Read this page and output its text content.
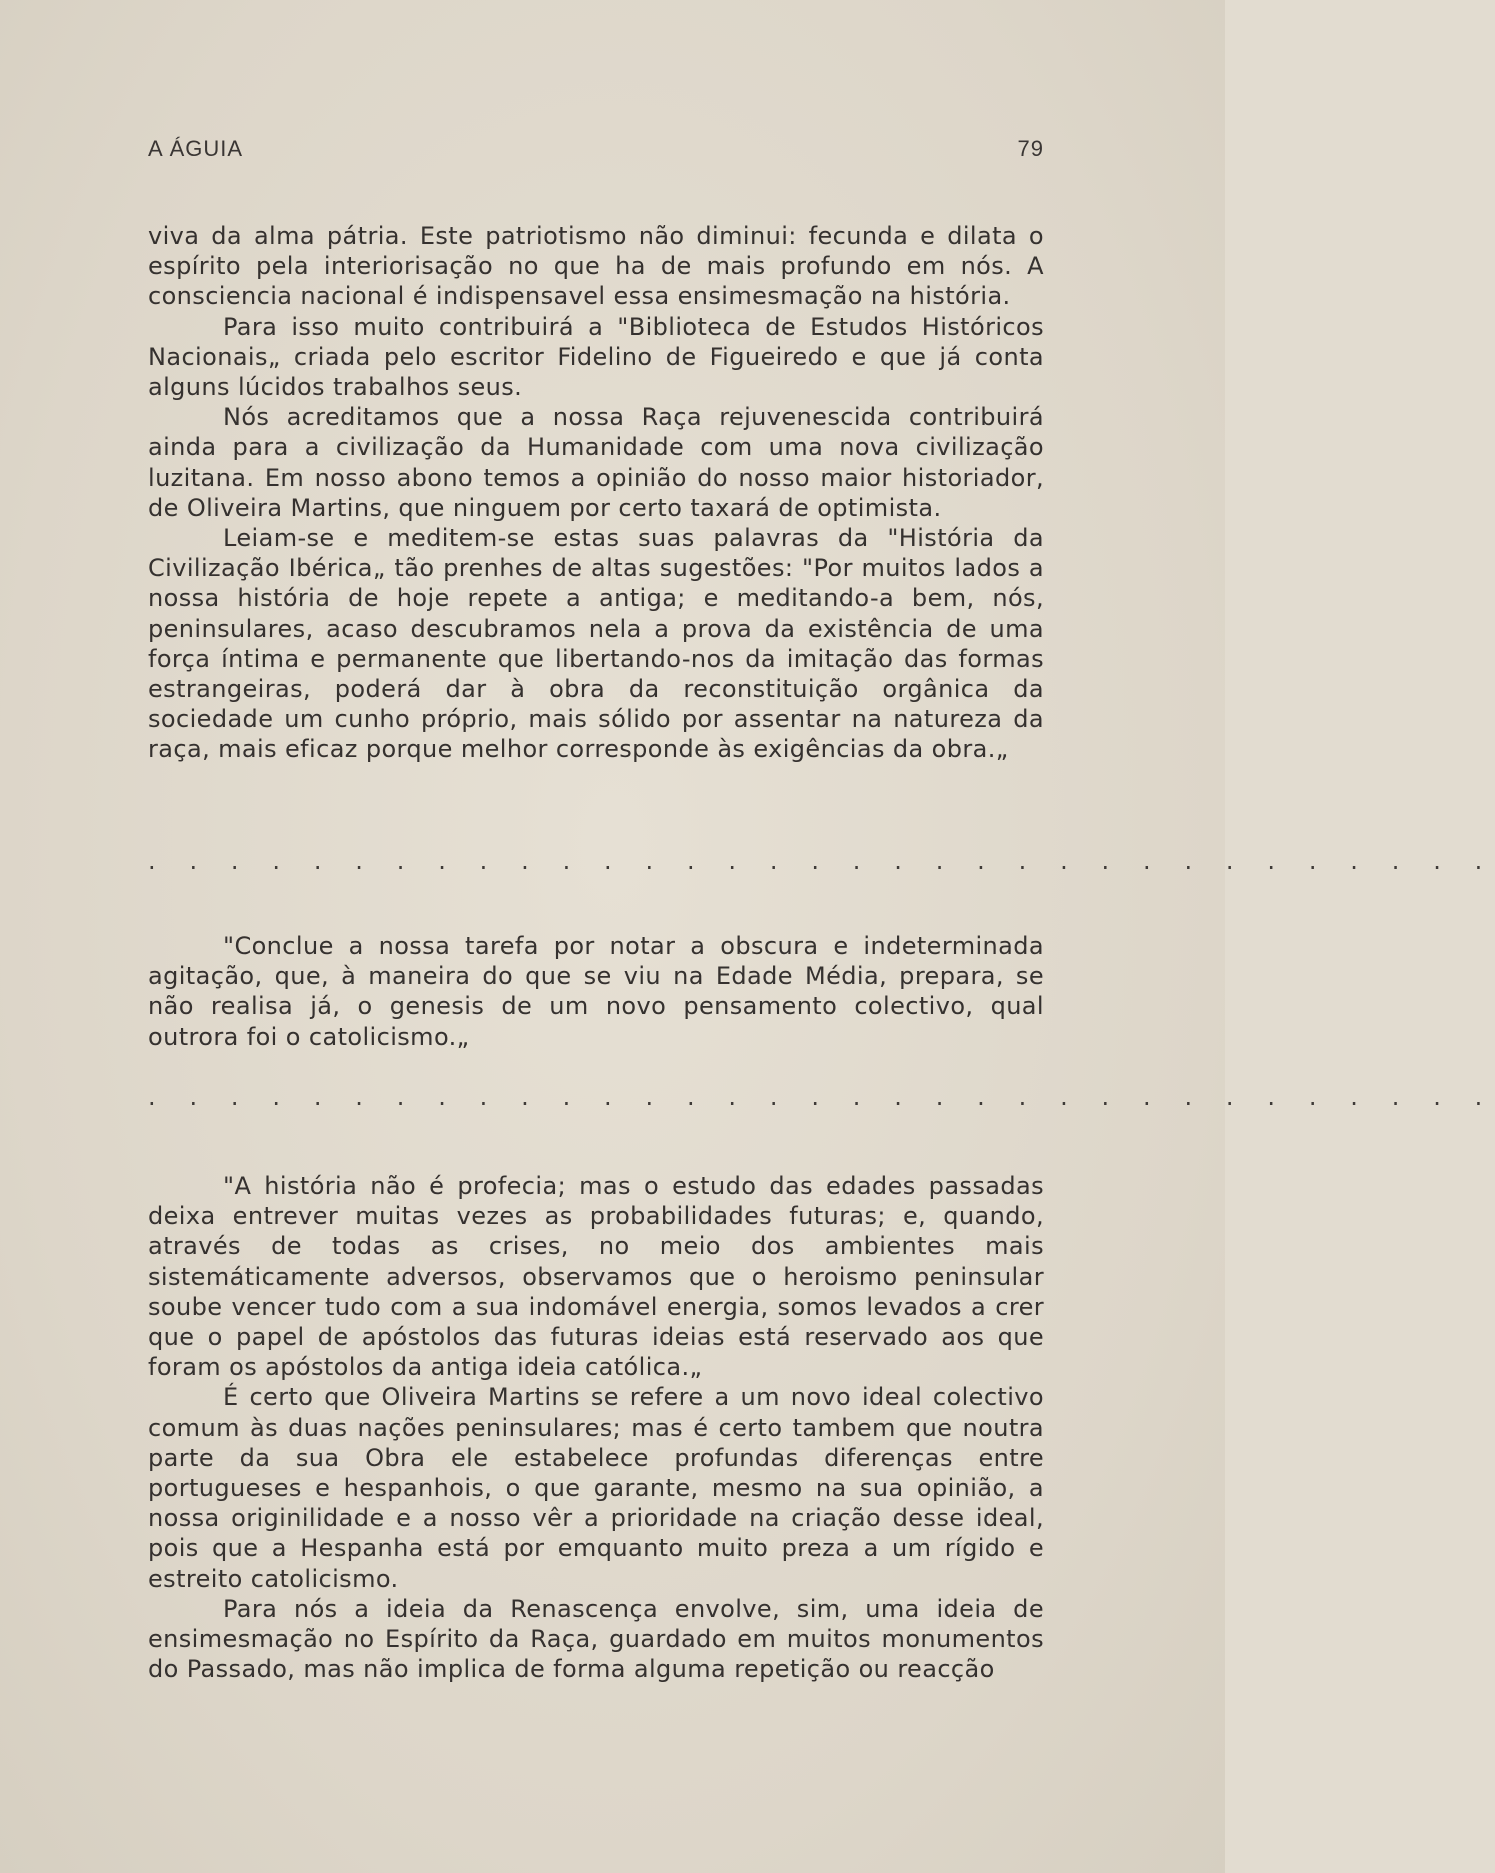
A ÁGUIA	79

viva da alma pátria. Este patriotismo não diminui: fecunda e dilata o espírito pela interiorisação no que ha de mais profundo em nós. A consciencia nacional é indispensavel essa ensimesmação na história.

Para isso muito contribuirá a "Biblioteca de Estudos Históricos Nacionais„ criada pelo escritor Fidelino de Figueiredo e que já conta alguns lúcidos trabalhos seus.

Nós acreditamos que a nossa Raça rejuvenescida contribuirá ainda para a civilização da Humanidade com uma nova civilização luzitana. Em nosso abono temos a opinião do nosso maior historiador, de Oliveira Martins, que ninguem por certo taxará de optimista.

Leiam-se e meditem-se estas suas palavras da "História da Civilização Ibérica„ tão prenhes de altas sugestões: "Por muitos lados a nossa história de hoje repete a antiga; e meditando-a bem, nós, peninsulares, acaso descubramos nela a prova da existência de uma força íntima e permanente que libertando-nos da imitação das formas estrangeiras, poderá dar à obra da reconstituição orgânica da sociedade um cunho próprio, mais sólido por assentar na natureza da raça, mais eficaz porque melhor corresponde às exigências da obra.„

. . . . . . . . . . . . . . . . . . . . . . . . . . . . . . . . .

"Conclue a nossa tarefa por notar a obscura e indeterminada agitação, que, à maneira do que se viu na Edade Média, prepara, se não realisa já, o genesis de um novo pensamento colectivo, qual outrora foi o catolicismo.„

. . . . . . . . . . . . . . . . . . . . . . . . . . . . . . . . .

"A história não é profecia; mas o estudo das edades passadas deixa entrever muitas vezes as probabilidades futuras; e, quando, através de todas as crises, no meio dos ambientes mais sistemáticamente adversos, observamos que o heroismo peninsular soube vencer tudo com a sua indomável energia, somos levados a crer que o papel de apóstolos das futuras ideias está reservado aos que foram os apóstolos da antiga ideia católica.„

É certo que Oliveira Martins se refere a um novo ideal colectivo comum às duas nações peninsulares; mas é certo tambem que noutra parte da sua Obra ele estabelece profundas diferenças entre portugueses e hespanhois, o que garante, mesmo na sua opinião, a nossa originilidade e a nosso vêr a prioridade na criação desse ideal, pois que a Hespanha está por emquanto muito preza a um rígido e estreito catolicismo.

Para nós a ideia da Renascença envolve, sim, uma ideia de ensimesmação no Espírito da Raça, guardado em muitos monumentos do Passado, mas não implica de forma alguma repetição ou reacção
